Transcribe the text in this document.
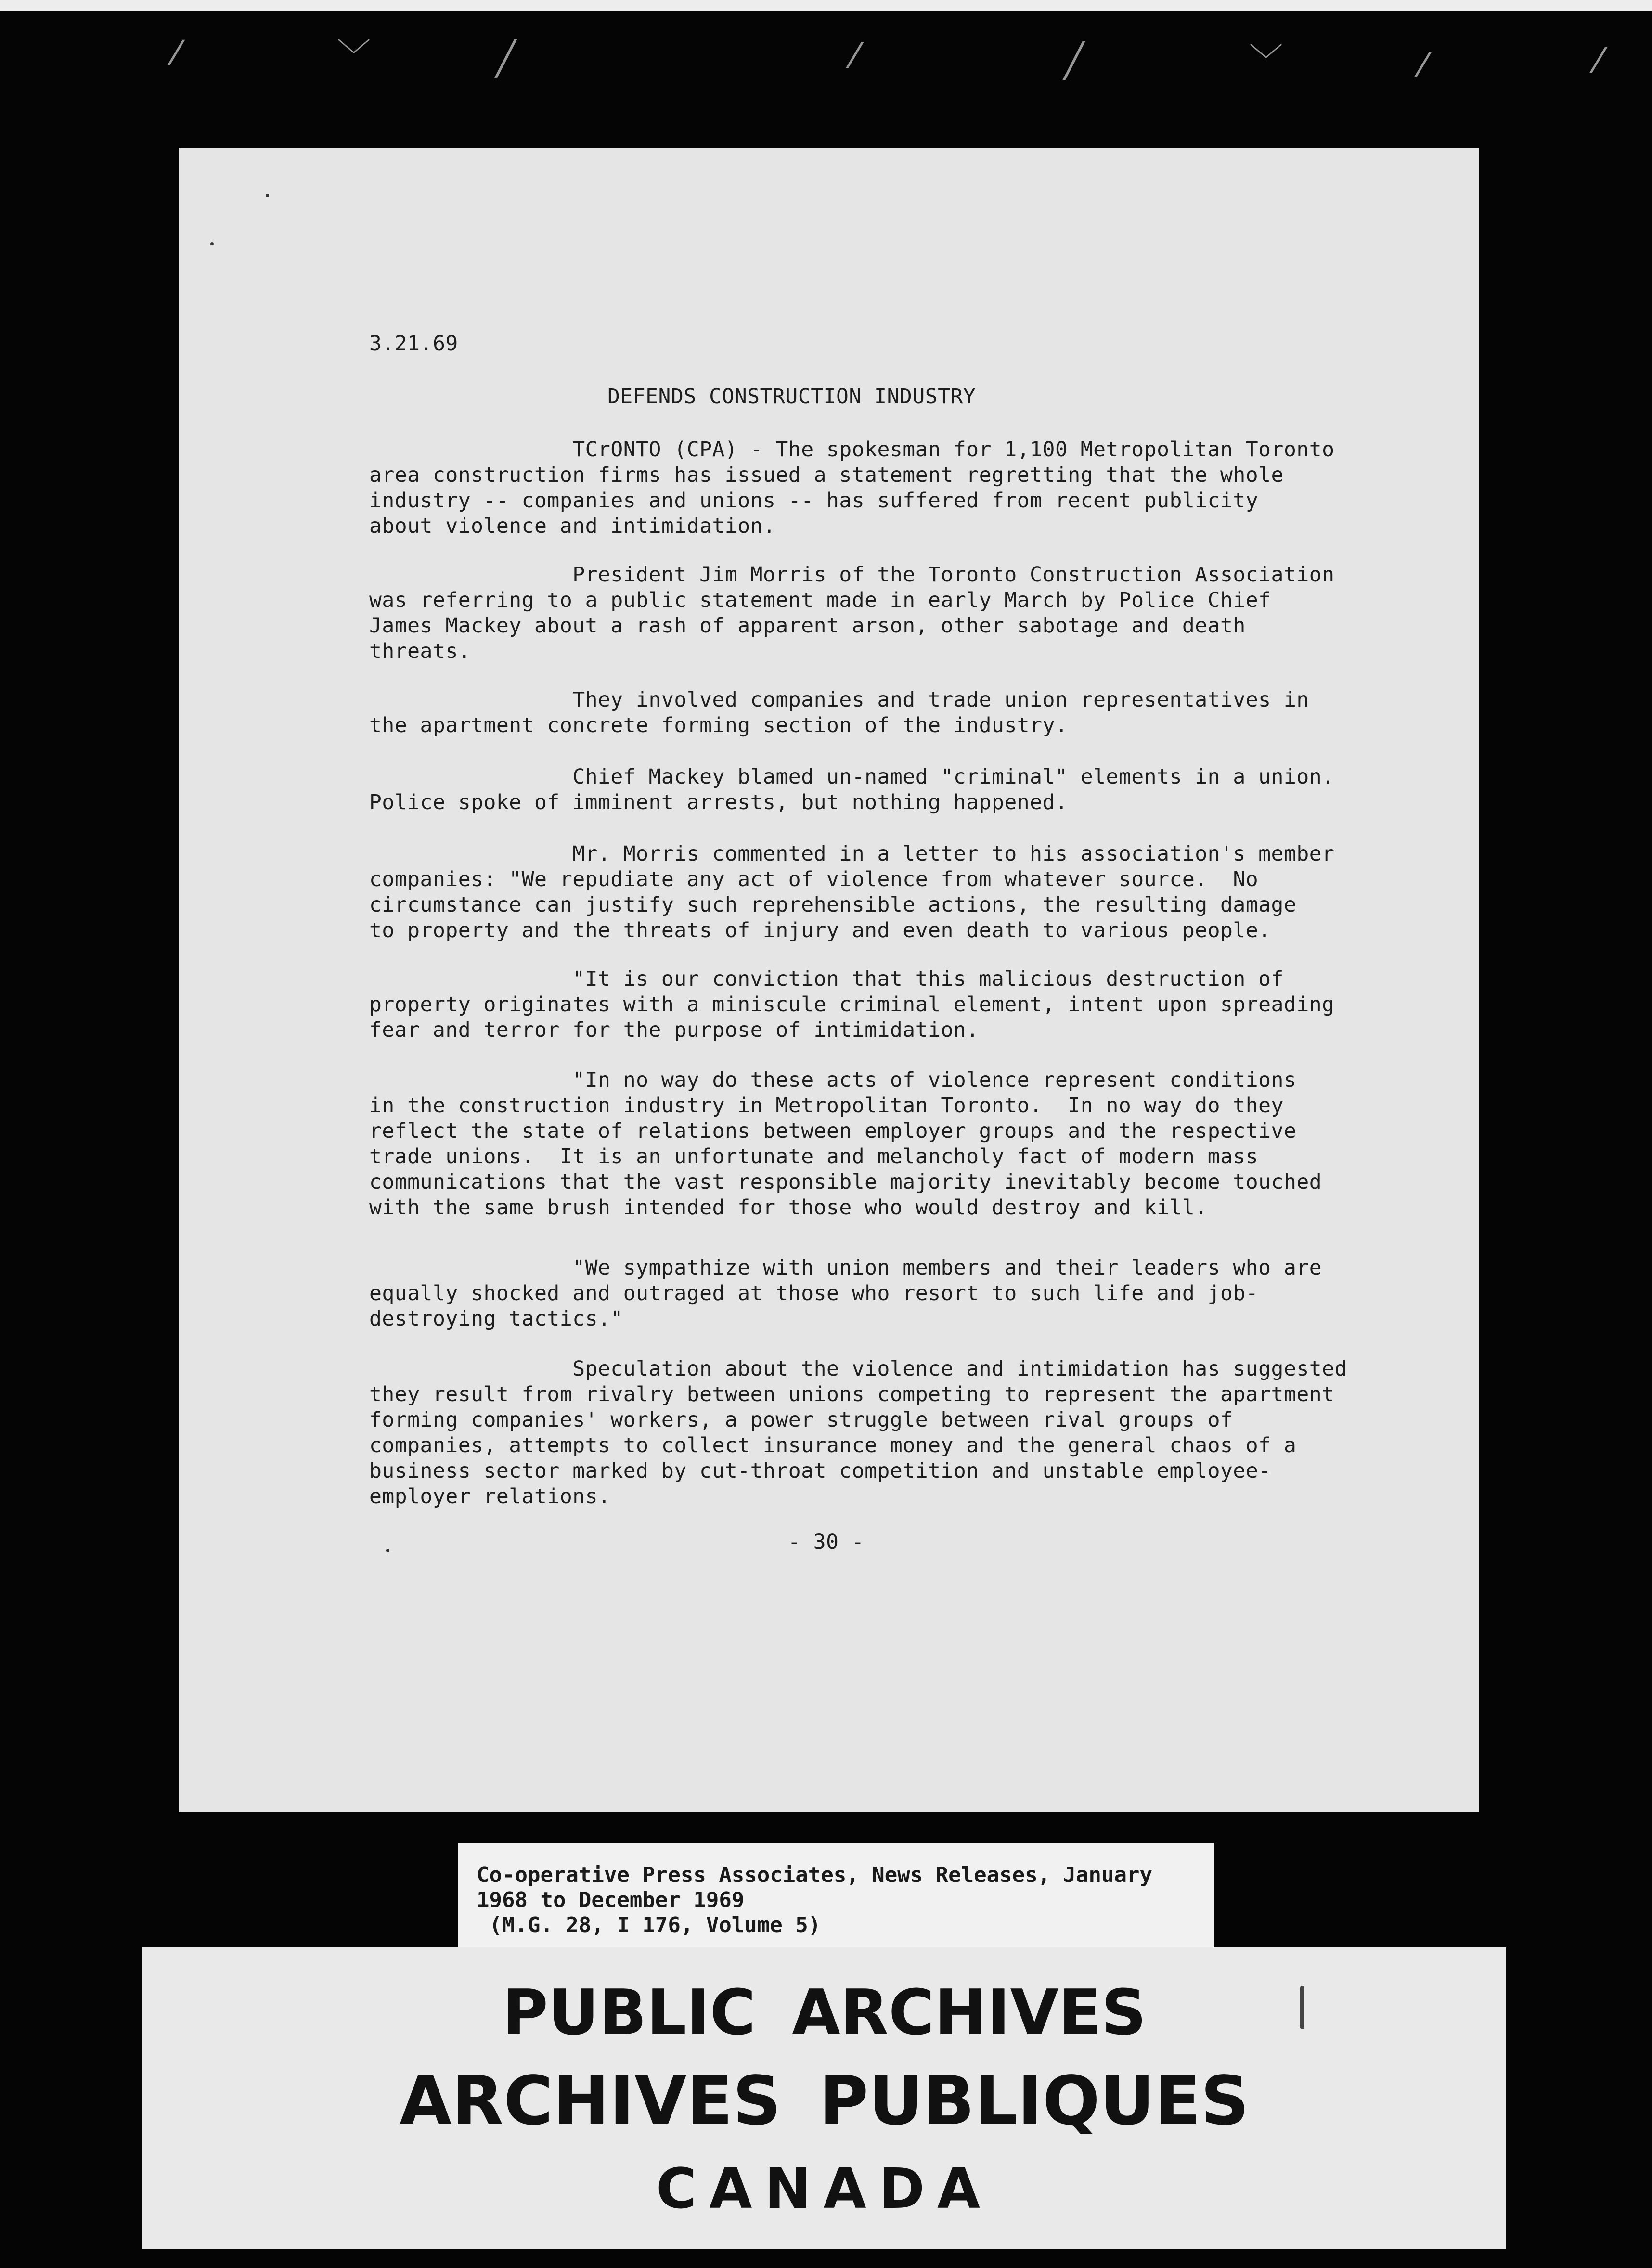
⁄	﹀	╱	⁄	╱	﹀	⁄	⁄
3.21.69
DEFENDS CONSTRUCTION INDUSTRY
TCrONTO (CPA) - The spokesman for 1,100 Metropolitan Toronto
area construction firms has issued a statement regretting that the whole
industry -- companies and unions -- has suffered from recent publicity
about violence and intimidation.
President Jim Morris of the Toronto Construction Association
was referring to a public statement made in early March by Police Chief
James Mackey about a rash of apparent arson, other sabotage and death
threats.
They involved companies and trade union representatives in
the apartment concrete forming section of the industry.
Chief Mackey blamed un-named "criminal" elements in a union.
Police spoke of imminent arrests, but nothing happened.
Mr. Morris commented in a letter to his association's member
companies: "We repudiate any act of violence from whatever source.  No
circumstance can justify such reprehensible actions, the resulting damage
to property and the threats of injury and even death to various people.
"It is our conviction that this malicious destruction of
property originates with a miniscule criminal element, intent upon spreading
fear and terror for the purpose of intimidation.
"In no way do these acts of violence represent conditions
in the construction industry in Metropolitan Toronto.  In no way do they
reflect the state of relations between employer groups and the respective
trade unions.  It is an unfortunate and melancholy fact of modern mass
communications that the vast responsible majority inevitably become touched
with the same brush intended for those who would destroy and kill.
"We sympathize with union members and their leaders who are
equally shocked and outraged at those who resort to such life and job-
destroying tactics."
Speculation about the violence and intimidation has suggested
they result from rivalry between unions competing to represent the apartment
forming companies' workers, a power struggle between rival groups of
companies, attempts to collect insurance money and the general chaos of a
business sector marked by cut-throat competition and unstable employee-
employer relations.
- 30 -
Co-operative Press Associates, News Releases, January
1968 to December 1969
(M.G. 28, I 176, Volume 5)
PUBLIC ARCHIVES
ARCHIVES PUBLIQUES
CANADA
